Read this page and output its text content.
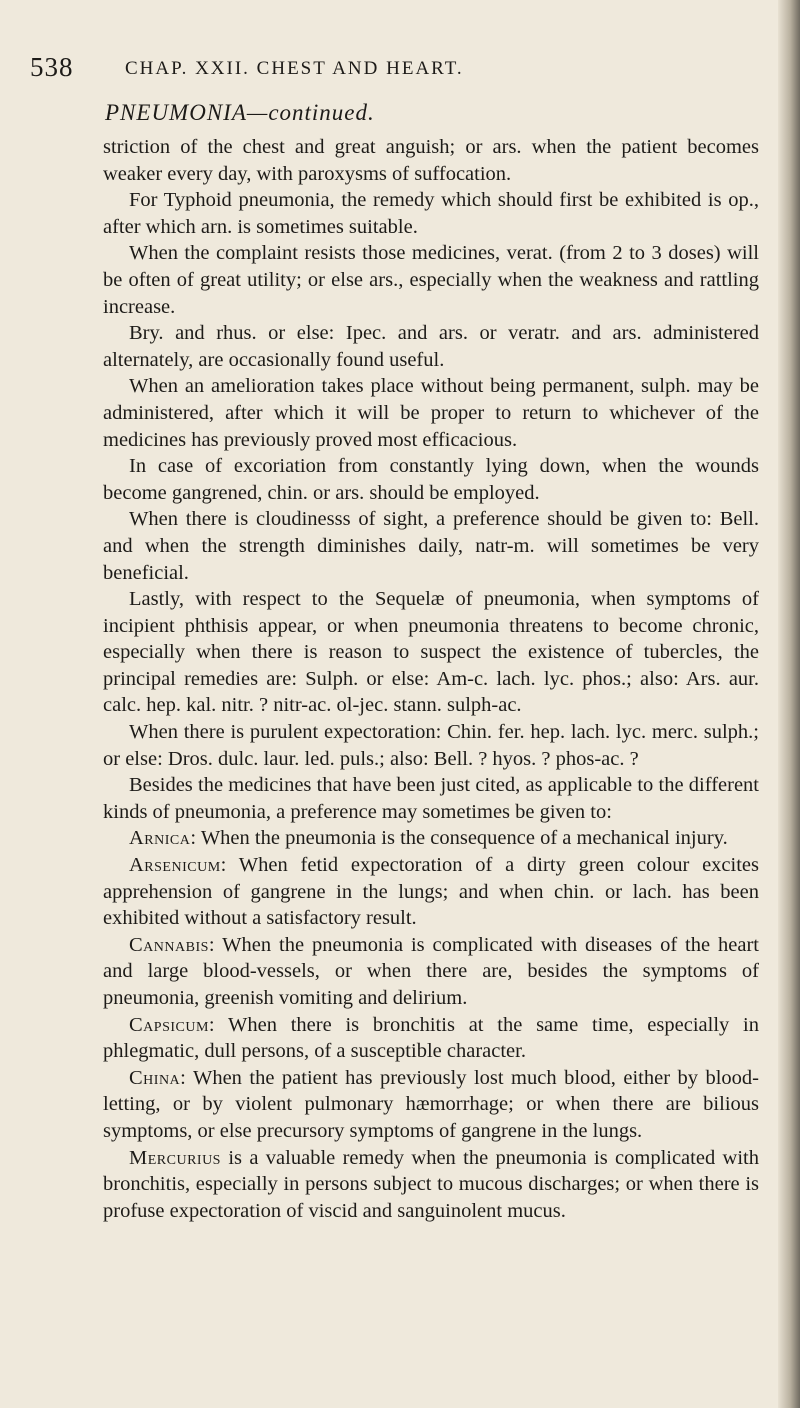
538	CHAP. XXII. CHEST AND HEART.
PNEUMONIA—continued.

striction of the chest and great anguish; or ars. when the patient becomes weaker every day, with paroxysms of suffocation.

For Typhoid pneumonia, the remedy which should first be exhibited is op., after which arn. is sometimes suitable.

When the complaint resists those medicines, verat. (from 2 to 3 doses) will be often of great utility; or else ars., especially when the weakness and rattling increase.

Bry. and rhus. or else: Ipec. and ars. or veratr. and ars. administered alternately, are occasionally found useful.

When an amelioration takes place without being permanent, sulph. may be administered, after which it will be proper to return to whichever of the medicines has previously proved most efficacious.

In case of excoriation from constantly lying down, when the wounds become gangrened, chin. or ars. should be employed.

When there is cloudinesss of sight, a preference should be given to: Bell. and when the strength diminishes daily, natr-m. will sometimes be very beneficial.

Lastly, with respect to the Sequelæ of pneumonia, when symptoms of incipient phthisis appear, or when pneumonia threatens to become chronic, especially when there is reason to suspect the existence of tubercles, the principal remedies are: Sulph. or else: Am-c. lach. lyc. phos.; also: Ars. aur. calc. hep. kal. nitr. ? nitr-ac. ol-jec. stann. sulph-ac.

When there is purulent expectoration: Chin. fer. hep. lach. lyc. merc. sulph.; or else: Dros. dulc. laur. led. puls.; also: Bell. ? hyos. ? phos-ac. ?

Besides the medicines that have been just cited, as applicable to the different kinds of pneumonia, a preference may sometimes be given to:

Arnica: When the pneumonia is the consequence of a mechanical injury.

Arsenicum: When fetid expectoration of a dirty green colour excites apprehension of gangrene in the lungs; and when chin. or lach. has been exhibited without a satisfactory result.

Cannabis: When the pneumonia is complicated with diseases of the heart and large blood-vessels, or when there are, besides the symptoms of pneumonia, greenish vomiting and delirium.

Capsicum: When there is bronchitis at the same time, especially in phlegmatic, dull persons, of a susceptible character.

China: When the patient has previously lost much blood, either by blood-letting, or by violent pulmonary hæmorrhage; or when there are bilious symptoms, or else precursory symptoms of gangrene in the lungs.

Mercurius is a valuable remedy when the pneumonia is complicated with bronchitis, especially in persons subject to mucous discharges; or when there is profuse expectoration of viscid and sanguinolent mucus.
